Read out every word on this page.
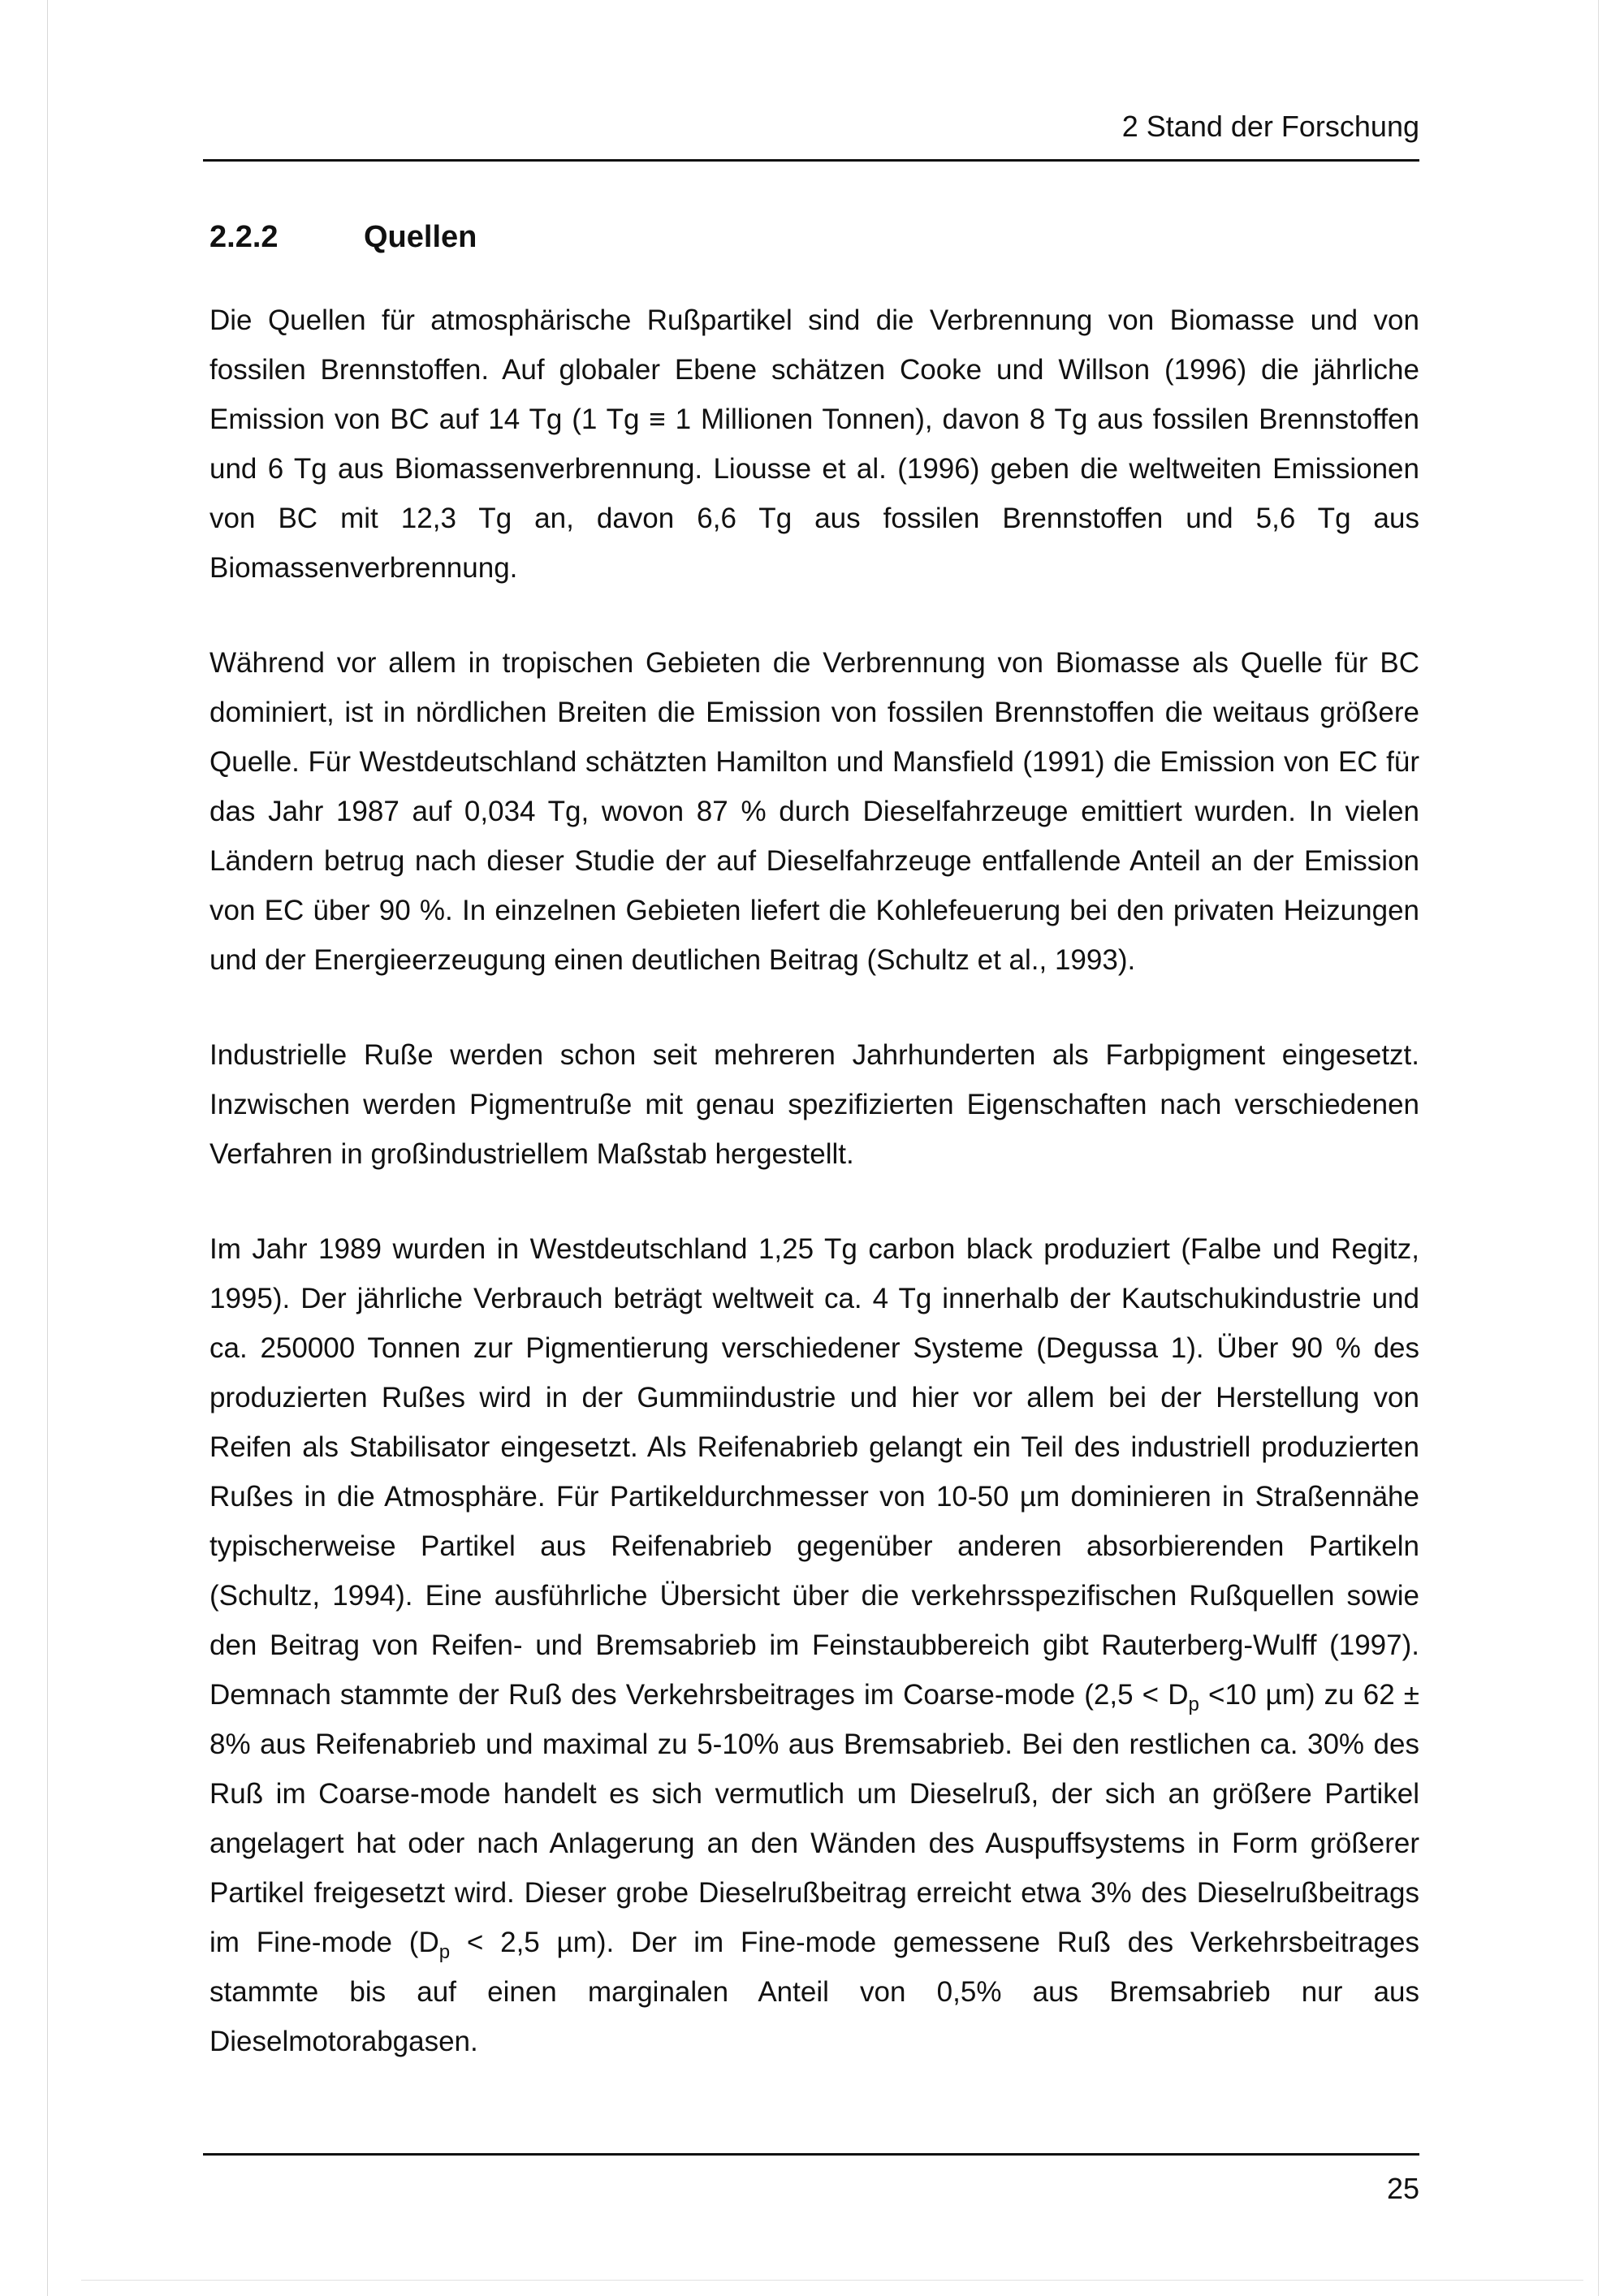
2 Stand der Forschung
2.2.2	Quellen

Die Quellen für atmosphärische Rußpartikel sind die Verbrennung von Biomasse und von fossilen Brennstoffen. Auf globaler Ebene schätzen Cooke und Willson (1996) die jährliche Emission von BC auf 14 Tg (1 Tg ≡ 1 Millionen Tonnen), davon 8 Tg aus fossilen Brennstoffen und 6 Tg aus Biomassenverbrennung. Liousse et al. (1996) geben die weltweiten Emissionen von BC mit 12,3 Tg an, davon 6,6 Tg aus fossilen Brennstoffen und 5,6 Tg aus Biomassenverbrennung.

Während vor allem in tropischen Gebieten die Verbrennung von Biomasse als Quelle für BC dominiert, ist in nördlichen Breiten die Emission von fossilen Brennstoffen die weitaus größere Quelle. Für Westdeutschland schätzten Hamilton und Mansfield (1991) die Emission von EC für das Jahr 1987 auf 0,034 Tg, wovon 87 % durch Dieselfahrzeuge emittiert wurden. In vielen Ländern betrug nach dieser Studie der auf Dieselfahrzeuge entfallende Anteil an der Emission von EC über 90 %. In einzelnen Gebieten liefert die Kohlefeuerung bei den privaten Heizungen und der Energieerzeugung einen deutlichen Beitrag (Schultz et al., 1993).

Industrielle Ruße werden schon seit mehreren Jahrhunderten als Farbpigment eingesetzt. Inzwischen werden Pigmentruße mit genau spezifizierten Eigenschaften nach verschiedenen Verfahren in großindustriellem Maßstab hergestellt.

Im Jahr 1989 wurden in Westdeutschland 1,25 Tg carbon black produziert (Falbe und Regitz, 1995). Der jährliche Verbrauch beträgt weltweit ca. 4 Tg innerhalb der Kautschukindustrie und ca. 250000 Tonnen zur Pigmentierung verschiedener Systeme (Degussa 1). Über 90 % des produzierten Rußes wird in der Gummiindustrie und hier vor allem bei der Herstellung von Reifen als Stabilisator eingesetzt. Als Reifenabrieb gelangt ein Teil des industriell produzierten Rußes in die Atmosphäre. Für Partikeldurchmesser von 10-50 µm dominieren in Straßennähe typischerweise Partikel aus Reifenabrieb gegenüber anderen absorbierenden Partikeln (Schultz, 1994). Eine ausführliche Übersicht über die verkehrsspezifischen Rußquellen sowie den Beitrag von Reifen- und Bremsabrieb im Feinstaubbereich gibt Rauterberg-Wulff (1997). Demnach stammte der Ruß des Verkehrsbeitrages im Coarse-mode ($2,5 < D_p <10$ µm) zu 62 ± 8% aus Reifenabrieb und maximal zu 5-10% aus Bremsabrieb. Bei den restlichen ca. 30% des Ruß im Coarse-mode handelt es sich vermutlich um Dieselruß, der sich an größere Partikel angelagert hat oder nach Anlagerung an den Wänden des Auspuffsystems in Form größerer Partikel freigesetzt wird. Dieser grobe Dieselrußbeitrag erreicht etwa 3% des Dieselrußbeitrags im Fine-mode ($D_p < 2,5$ µm). Der im Fine-mode gemessene Ruß des Verkehrsbeitrages stammte bis auf einen marginalen Anteil von 0,5% aus Bremsabrieb nur aus Dieselmotorabgasen.

25
